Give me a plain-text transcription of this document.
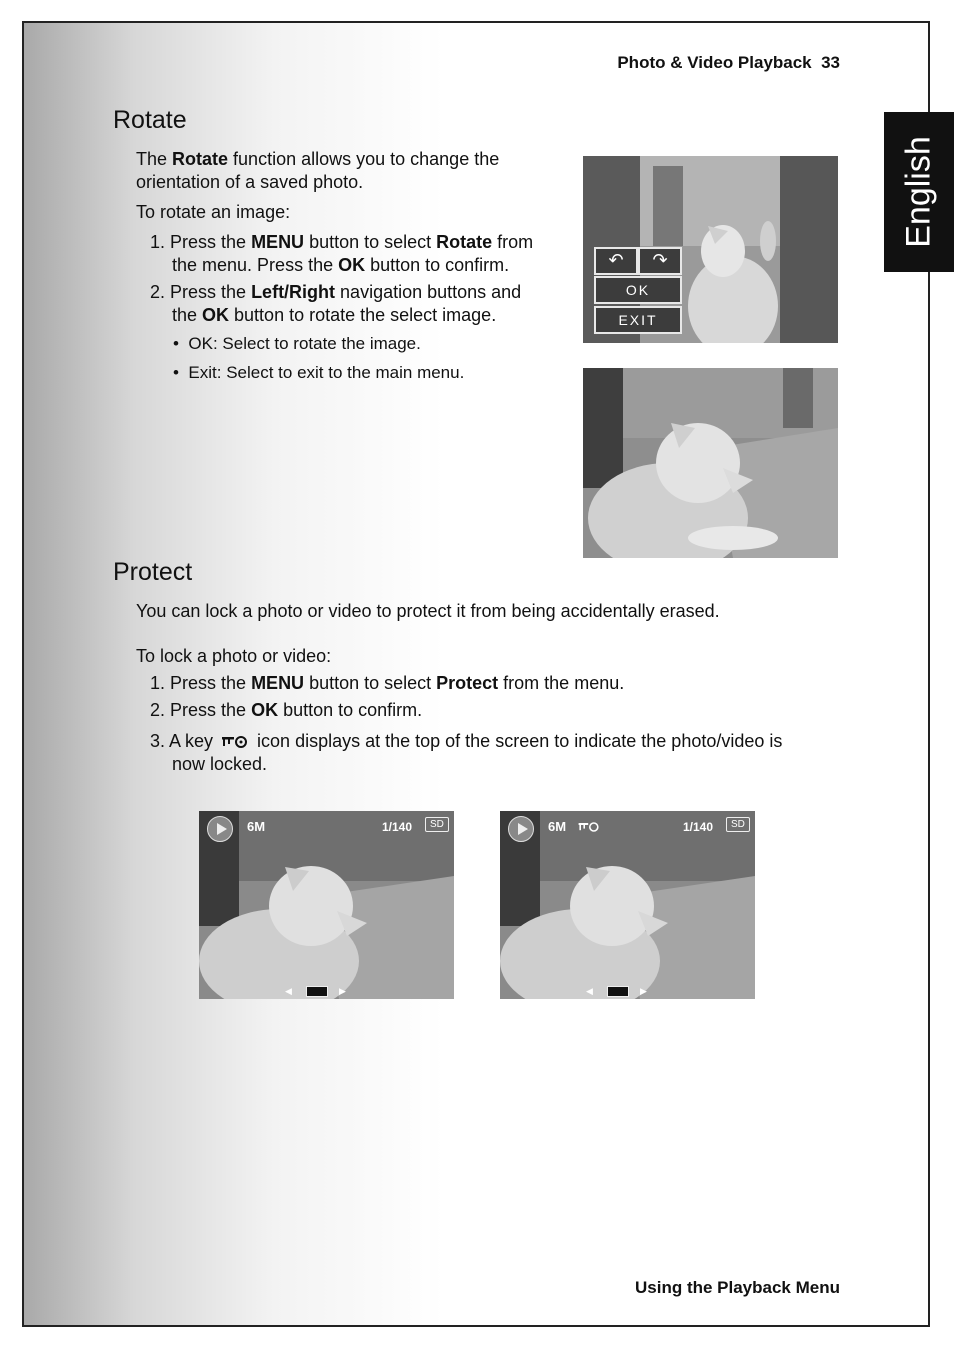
English
Photo & Video Playback  33
Rotate
The Rotate function allows you to change the
orientation of a saved photo.
To rotate an image:
1. Press the MENU button to select Rotate from
the menu. Press the OK button to confirm.
2. Press the Left/Right navigation buttons and
the OK button to rotate the select image.
•  OK: Select to rotate the image.
•  Exit: Select to exit to the main menu.
↶	↷
OK
EXIT
Protect
You can lock a photo or video to protect it from being accidentally erased.
To lock a photo or video:
1. Press the MENU button to select Protect from the menu.
2. Press the OK button to confirm.
3. A key  icon displays at the top of the screen to indicate the photo/video is
now locked.
6M	1/140	SD
◀	▶
6M	1/140	SD
◀	▶
Using the Playback Menu
